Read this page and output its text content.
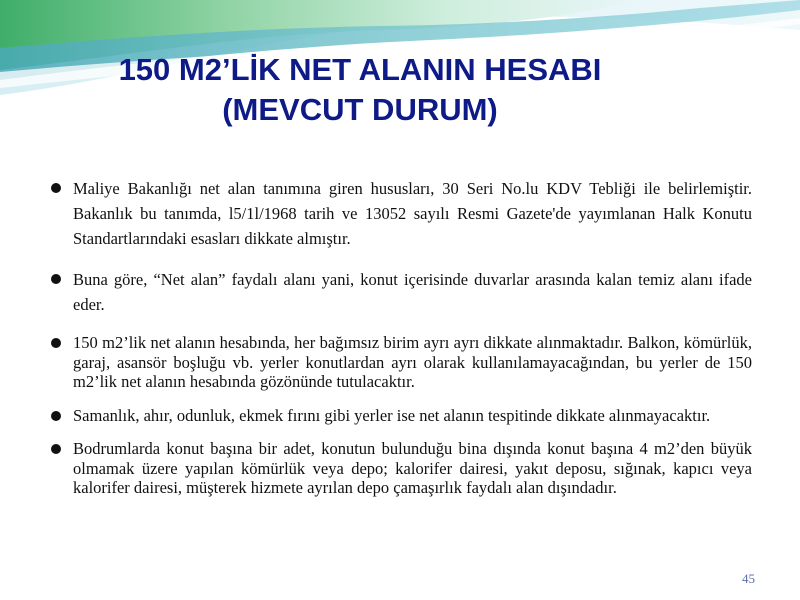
150 M2’LİK NET ALANIN HESABI
(MEVCUT DURUM)
Maliye Bakanlığı net alan tanımına giren hususları, 30 Seri No.lu KDV Tebliği ile belirlemiştir. Bakanlık bu tanımda, l5/1l/1968 tarih ve 13052 sayılı Resmi Gazete'de yayımlanan Halk Konutu Standartlarındaki esasları dikkate almıştır.
Buna göre, “Net alan” faydalı alanı yani, konut içerisinde duvarlar arasında kalan temiz alanı ifade eder.
150 m2’lik net alanın hesabında, her bağımsız birim ayrı ayrı dikkate alınmaktadır. Balkon, kömürlük, garaj, asansör boşluğu vb. yerler konutlardan ayrı olarak kullanılamayacağından, bu yerler de 150 m2’lik net alanın hesabında gözönünde tutulacaktır.
Samanlık, ahır, odunluk, ekmek fırını gibi yerler ise net alanın tespitinde dikkate alınmayacaktır.
Bodrumlarda konut başına bir adet, konutun bulunduğu bina dışında konut başına 4 m2’den büyük olmamak üzere yapılan kömürlük veya depo; kalorifer dairesi, yakıt deposu, sığınak, kapıcı veya kalorifer dairesi, müşterek hizmete ayrılan depo çamaşırlık faydalı alan dışındadır.
45
